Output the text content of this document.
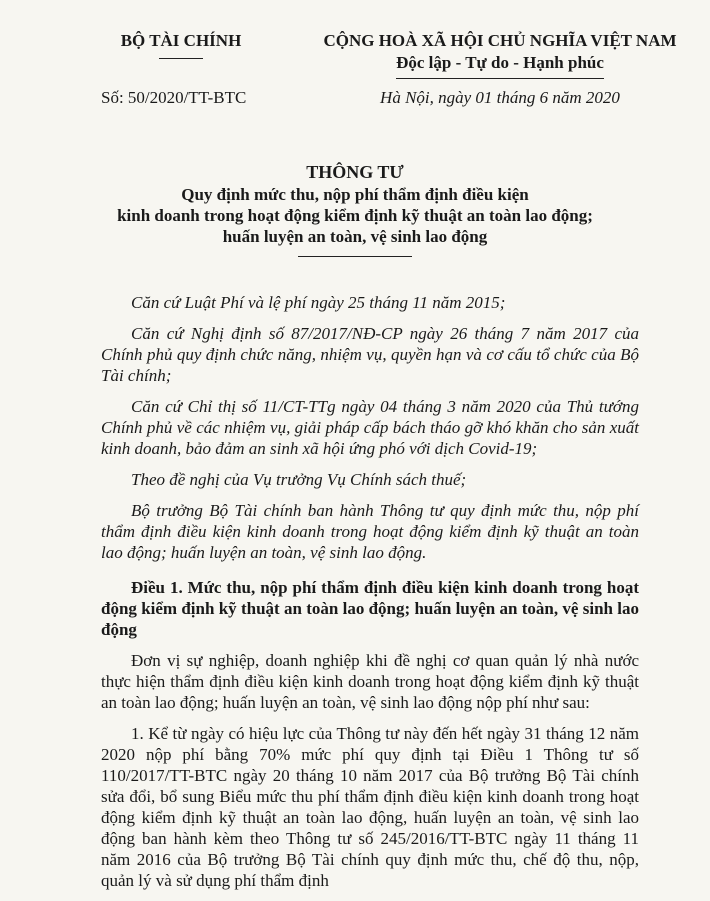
BỘ TÀI CHÍNH	CỘNG HOÀ XÃ HỘI CHỦ NGHĨA VIỆT NAM
Độc lập - Tự do - Hạnh phúc
Số: 50/2020/TT-BTC	Hà Nội, ngày 01 tháng 6 năm 2020
THÔNG TƯ
Quy định mức thu, nộp phí thẩm định điều kiện
kinh doanh trong hoạt động kiểm định kỹ thuật an toàn lao động;
huấn luyện an toàn, vệ sinh lao động

Căn cứ Luật Phí và lệ phí ngày 25 tháng 11 năm 2015;

Căn cứ Nghị định số 87/2017/NĐ-CP ngày 26 tháng 7 năm 2017 của Chính phủ quy định chức năng, nhiệm vụ, quyền hạn và cơ cấu tổ chức của Bộ Tài chính;

Căn cứ Chỉ thị số 11/CT-TTg ngày 04 tháng 3 năm 2020 của Thủ tướng Chính phủ về các nhiệm vụ, giải pháp cấp bách tháo gỡ khó khăn cho sản xuất kinh doanh, bảo đảm an sinh xã hội ứng phó với dịch Covid-19;

Theo đề nghị của Vụ trưởng Vụ Chính sách thuế;

Bộ trưởng Bộ Tài chính ban hành Thông tư quy định mức thu, nộp phí thẩm định điều kiện kinh doanh trong hoạt động kiểm định kỹ thuật an toàn lao động; huấn luyện an toàn, vệ sinh lao động.

Điều 1. Mức thu, nộp phí thẩm định điều kiện kinh doanh trong hoạt động kiểm định kỹ thuật an toàn lao động; huấn luyện an toàn, vệ sinh lao động

Đơn vị sự nghiệp, doanh nghiệp khi đề nghị cơ quan quản lý nhà nước thực hiện thẩm định điều kiện kinh doanh trong hoạt động kiểm định kỹ thuật an toàn lao động; huấn luyện an toàn, vệ sinh lao động nộp phí như sau:

1. Kể từ ngày có hiệu lực của Thông tư này đến hết ngày 31 tháng 12 năm 2020 nộp phí bằng 70% mức phí quy định tại Điều 1 Thông tư số 110/2017/TT-BTC ngày 20 tháng 10 năm 2017 của Bộ trưởng Bộ Tài chính sửa đổi, bổ sung Biểu mức thu phí thẩm định điều kiện kinh doanh trong hoạt động kiểm định kỹ thuật an toàn lao động, huấn luyện an toàn, vệ sinh lao động ban hành kèm theo Thông tư số 245/2016/TT-BTC ngày 11 tháng 11 năm 2016 của Bộ trưởng Bộ Tài chính quy định mức thu, chế độ thu, nộp, quản lý và sử dụng phí thẩm định
